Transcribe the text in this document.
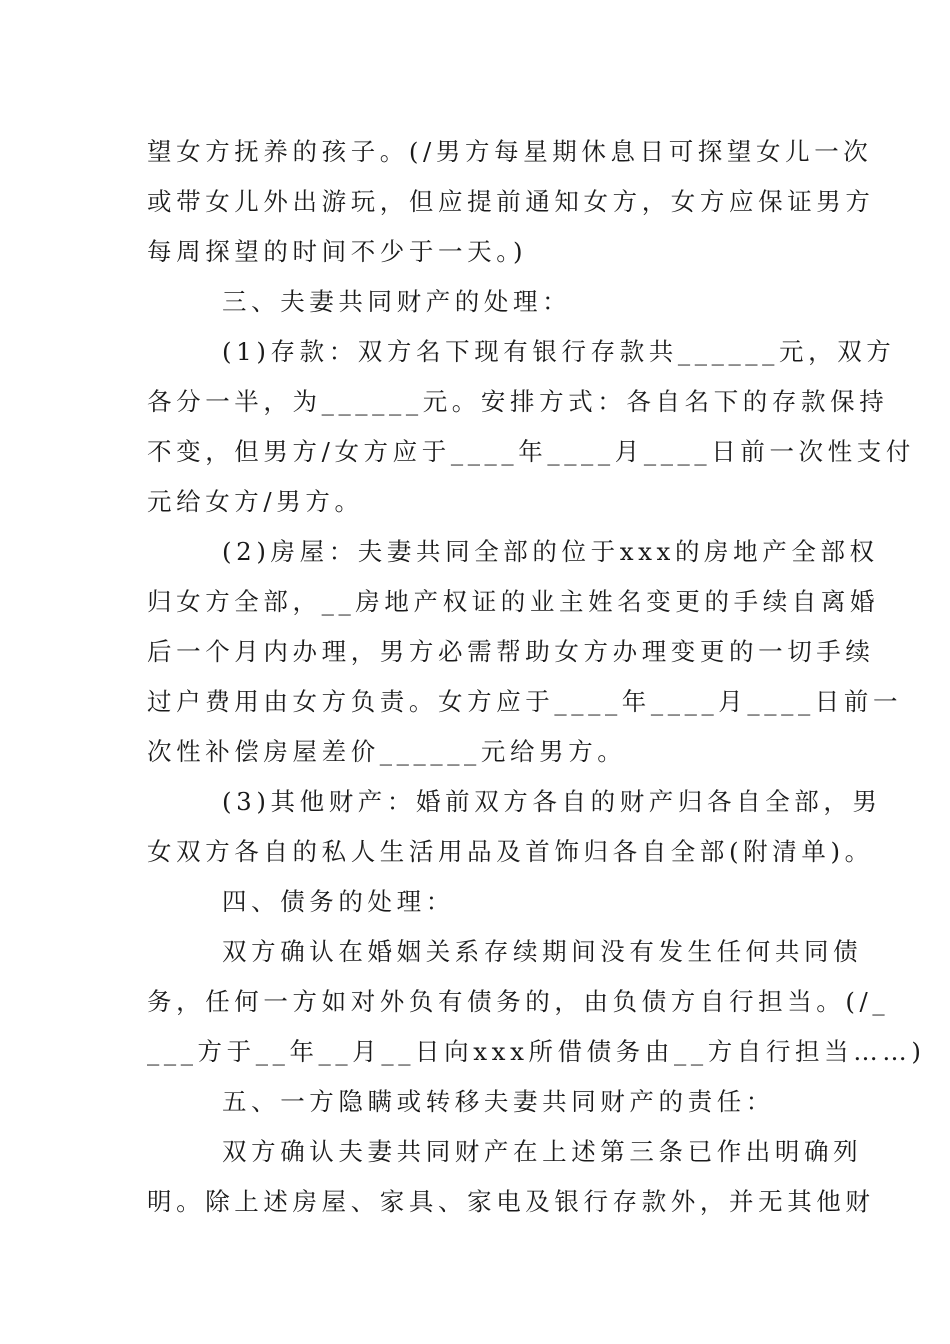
望女方抚养的孩子。(/男方每星期休息日可探望女儿一次
或带女儿外出游玩，但应提前通知女方，女方应保证男方
每周探望的时间不少于一天。)
三、夫妻共同财产的处理：
(1)存款：双方名下现有银行存款共______元，双方
各分一半，为______元。安排方式：各自名下的存款保持
不变，但男方/女方应于____年____月____日前一次性支付
元给女方/男方。
(2)房屋：夫妻共同全部的位于xxx的房地产全部权
归女方全部，__房地产权证的业主姓名变更的手续自离婚
后一个月内办理，男方必需帮助女方办理变更的一切手续
过户费用由女方负责。女方应于____年____月____日前一
次性补偿房屋差价______元给男方。
(3)其他财产：婚前双方各自的财产归各自全部，男
女双方各自的私人生活用品及首饰归各自全部(附清单)。
四、债务的处理：
双方确认在婚姻关系存续期间没有发生任何共同债
务，任何一方如对外负有债务的，由负债方自行担当。(/_
___方于__年__月__日向xxx所借债务由__方自行担当……)
五、一方隐瞒或转移夫妻共同财产的责任：
双方确认夫妻共同财产在上述第三条已作出明确列
明。除上述房屋、家具、家电及银行存款外，并无其他财
